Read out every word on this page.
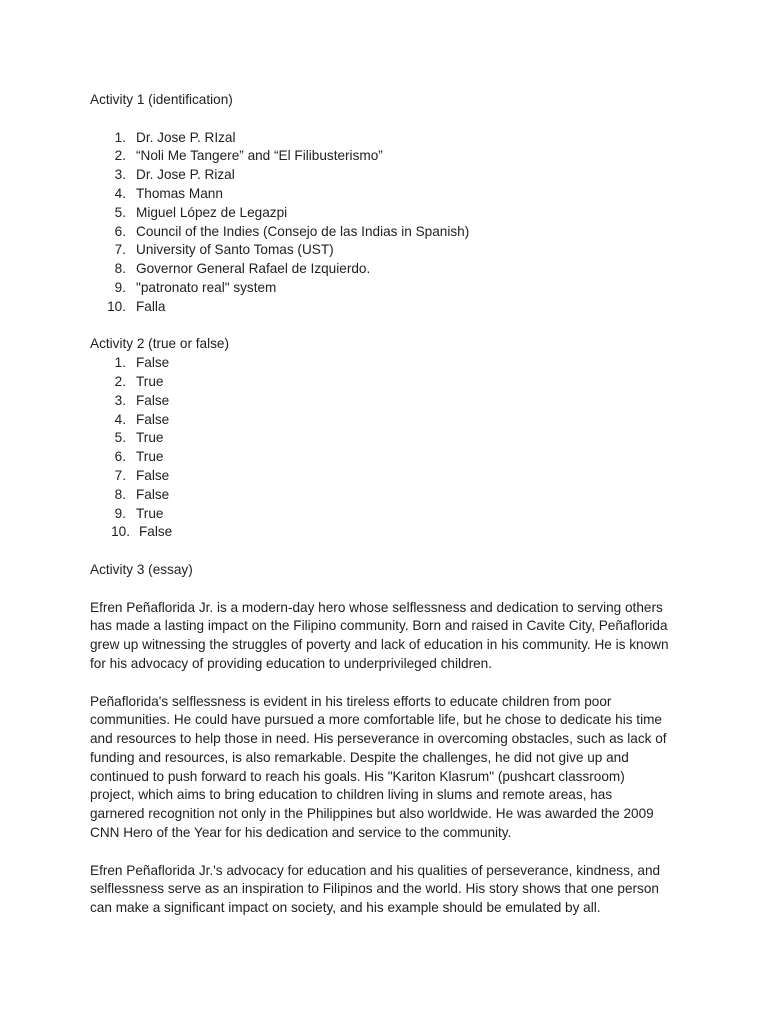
Activity 1 (identification)

1. Dr. Jose P. RIzal
2. “Noli Me Tangere” and “El Filibusterismo”
3. Dr. Jose P. Rizal
4. Thomas Mann
5. Miguel López de Legazpi
6. Council of the Indies (Consejo de las Indias in Spanish)
7. University of Santo Tomas (UST)
8. Governor General Rafael de Izquierdo.
9. "patronato real" system
10. Falla

Activity 2 (true or false)

1. False
2. True
3. False
4. False
5. True
6. True
7. False
8. False
9. True
10. False

Activity 3 (essay)

Efren Peñaflorida Jr. is a modern-day hero whose selflessness and dedication to serving others
has made a lasting impact on the Filipino community. Born and raised in Cavite City, Peñaflorida
grew up witnessing the struggles of poverty and lack of education in his community. He is known
for his advocacy of providing education to underprivileged children.

Peñaflorida's selflessness is evident in his tireless efforts to educate children from poor
communities. He could have pursued a more comfortable life, but he chose to dedicate his time
and resources to help those in need. His perseverance in overcoming obstacles, such as lack of
funding and resources, is also remarkable. Despite the challenges, he did not give up and
continued to push forward to reach his goals. His "Kariton Klasrum" (pushcart classroom)
project, which aims to bring education to children living in slums and remote areas, has
garnered recognition not only in the Philippines but also worldwide. He was awarded the 2009
CNN Hero of the Year for his dedication and service to the community.

Efren Peñaflorida Jr.'s advocacy for education and his qualities of perseverance, kindness, and
selflessness serve as an inspiration to Filipinos and the world. His story shows that one person
can make a significant impact on society, and his example should be emulated by all.
